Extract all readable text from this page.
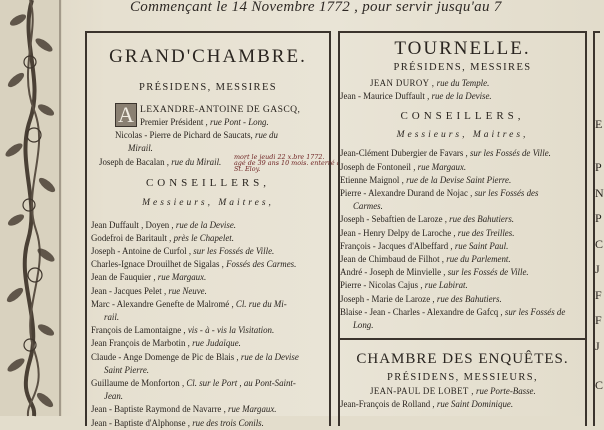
Commençant le 14 Novembre 1772 , pour servir jusqu'au 7
GRAND'CHAMBRE.
PRÉSIDENS, MESSIRES
A LEXANDRE-ANTOINE DE GASCQ,
Premier Président , rue Pont - Long.
Nicolas - Pierre de Pichard de Saucats, rue du
Mirail.
Joseph de Bacalan , rue du Mirail.	mort le jeudi 22 x.bre 1772.
agé de 39 ans 10 mois. enterré a
St. Eloy.
CONSEILLERS,
Messieurs, Maitres,
Jean Duffault , Doyen , rue de la Devise.
Godefroi de Baritault , près le Chapelet.
Joseph - Antoine de Curfol , sur les Fossés de Ville.
Charles-Ignace Drouilhet de Sigalas , Fossés des Carmes.
Jean de Fauquier , rue Margaux.
Jean - Jacques Pelet , rue Neuve.
Marc - Alexandre Genefte de Malromé , Cl. rue du Mi-
rail.
François de Lamontaigne , vis - à - vis la Visitation.
Jean François de Marbotin , rue Judaïque.
Claude - Ange Domenge de Pic de Blais , rue de la Devise
Saint Pierre.
Guillaume de Monforton , Cl. sur le Port , au Pont-Saint-
Jean.
Jean - Baptiste Raymond de Navarre , rue Margaux.
Jean - Baptiste d'Alphonse , rue des trois Conils.
TOURNELLE.
PRÉSIDENS, MESSIRES
JEAN DUROY , rue du Temple.
Jean - Maurice Duffault , rue de la Devise.
CONSEILLERS,
Messieurs, Maitres,
Jean-Clément Dubergier de Favars , sur les Fossés de Ville.
Joseph de Fontoneil , rue Margaux.
Etienne Maignol , rue de la Devise Saint Pierre.
Pierre - Alexandre Durand de Nojac , sur les Fossés des
Carmes.
Joseph - Sebaftien de Laroze , rue des Bahutiers.
Jean - Henry Delpy de Laroche , rue des Treilles.
François - Jacques d'Albeffard , rue Saint Paul.
Jean de Chimbaud de Filhot , rue du Parlement.
André - Joseph de Minvielle , sur les Fossés de Ville.
Pierre - Nicolas Cajus , rue Labirat.
Joseph - Marie de Laroze , rue des Bahutiers.
Blaise - Jean - Charles - Alexandre de Gafcq , sur les Fossés de
Long.
CHAMBRE DES ENQUÊTES.
PRÉSIDENS, MESSIEURS,
JEAN-PAUL DE LOBET , rue Porte-Basse.
Jean-François de Rolland , rue Saint Dominique.
E
P
N
P
C
J
F
F
J
C
